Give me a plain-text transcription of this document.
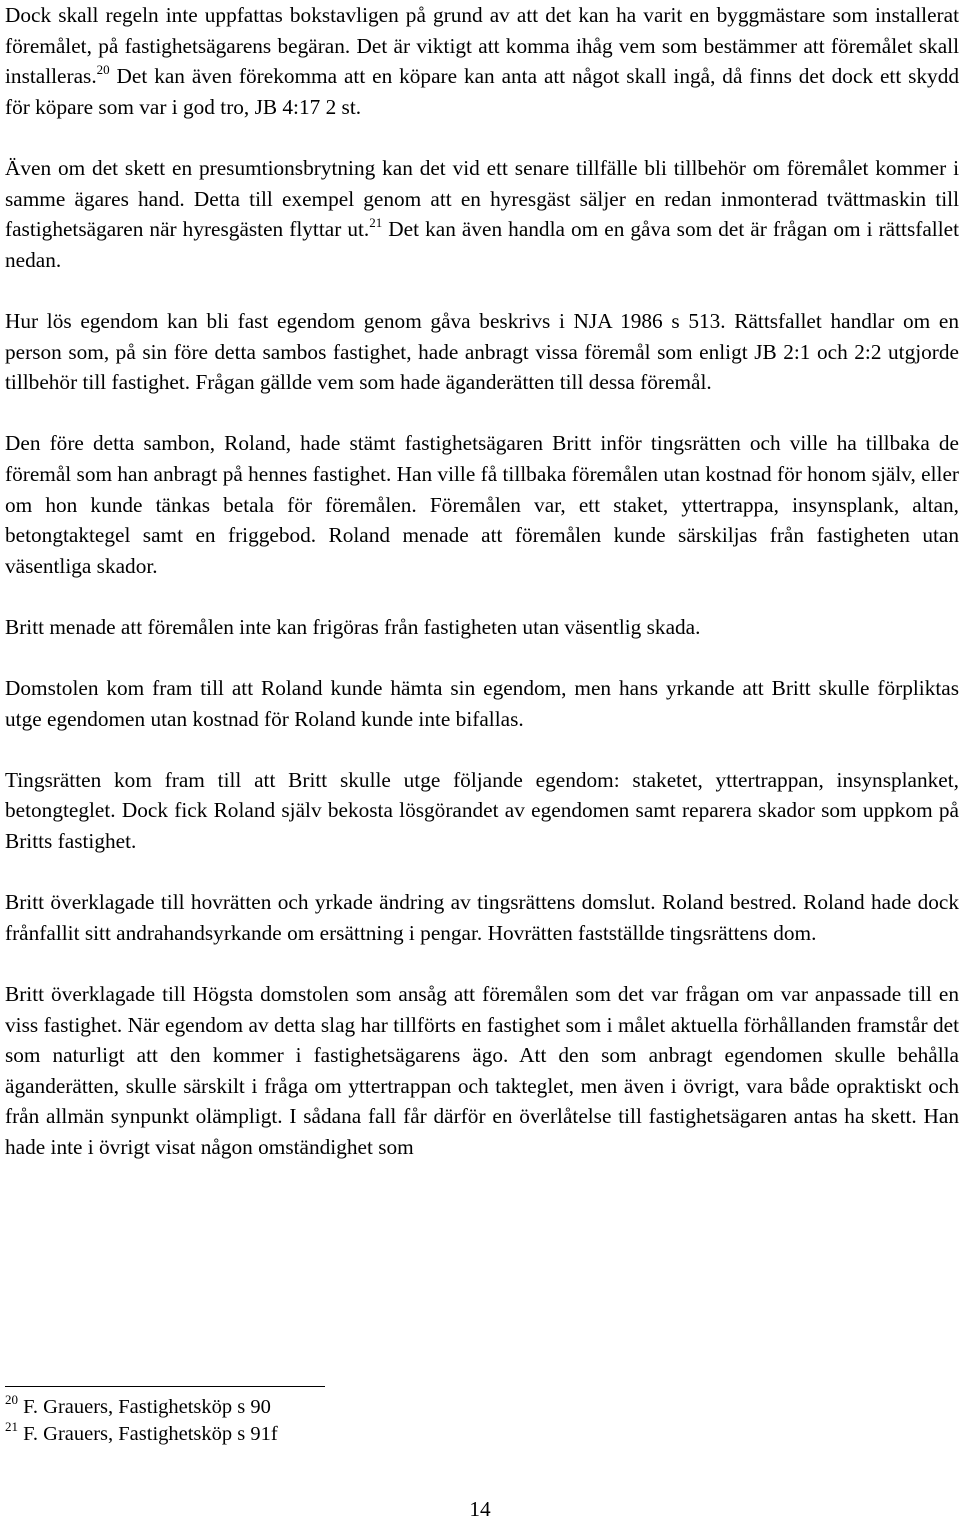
Dock skall regeln inte uppfattas bokstavligen på grund av att det kan ha varit en byggmästare som installerat föremålet, på fastighetsägarens begäran. Det är viktigt att komma ihåg vem som bestämmer att föremålet skall installeras.$^{20}$ Det kan även förekomma att en köpare kan anta att något skall ingå, då finns det dock ett skydd för köpare som var i god tro, JB 4:17 2 st.

Även om det skett en presumtionsbrytning kan det vid ett senare tillfälle bli tillbehör om föremålet kommer i samme ägares hand. Detta till exempel genom att en hyresgäst säljer en redan inmonterad tvättmaskin till fastighetsägaren när hyresgästen flyttar ut.$^{21}$ Det kan även handla om en gåva som det är frågan om i rättsfallet nedan.

Hur lös egendom kan bli fast egendom genom gåva beskrivs i NJA 1986 s 513. Rättsfallet handlar om en person som, på sin före detta sambos fastighet, hade anbragt vissa föremål som enligt JB 2:1 och 2:2 utgjorde tillbehör till fastighet. Frågan gällde vem som hade äganderätten till dessa föremål.

Den före detta sambon, Roland, hade stämt fastighetsägaren Britt inför tingsrätten och ville ha tillbaka de föremål som han anbragt på hennes fastighet. Han ville få tillbaka föremålen utan kostnad för honom själv, eller om hon kunde tänkas betala för föremålen. Föremålen var, ett staket, yttertrappa, insynsplank, altan, betongtaktegel samt en friggebod. Roland menade att föremålen kunde särskiljas från fastigheten utan väsentliga skador.

Britt menade att föremålen inte kan frigöras från fastigheten utan väsentlig skada.

Domstolen kom fram till att Roland kunde hämta sin egendom, men hans yrkande att Britt skulle förpliktas utge egendomen utan kostnad för Roland kunde inte bifallas.

Tingsrätten kom fram till att Britt skulle utge följande egendom: staketet, yttertrappan, insynsplanket, betongteglet. Dock fick Roland själv bekosta lösgörandet av egendomen samt reparera skador som uppkom på Britts fastighet.

Britt överklagade till hovrätten och yrkade ändring av tingsrättens domslut. Roland bestred. Roland hade dock frånfallit sitt andrahandsyrkande om ersättning i pengar. Hovrätten fastställde tingsrättens dom.

Britt överklagade till Högsta domstolen som ansåg att föremålen som det var frågan om var anpassade till en viss fastighet. När egendom av detta slag har tillförts en fastighet som i målet aktuella förhållanden framstår det som naturligt att den kommer i fastighetsägarens ägo. Att den som anbragt egendomen skulle behålla äganderätten, skulle särskilt i fråga om yttertrappan och takteglet, men även i övrigt, vara både opraktiskt och från allmän synpunkt olämpligt. I sådana fall får därför en överlåtelse till fastighetsägaren antas ha skett. Han hade inte i övrigt visat någon omständighet som

$^{20}$ F. Grauers, Fastighetsköp s 90
$^{21}$ F. Grauers, Fastighetsköp s 91f
14
